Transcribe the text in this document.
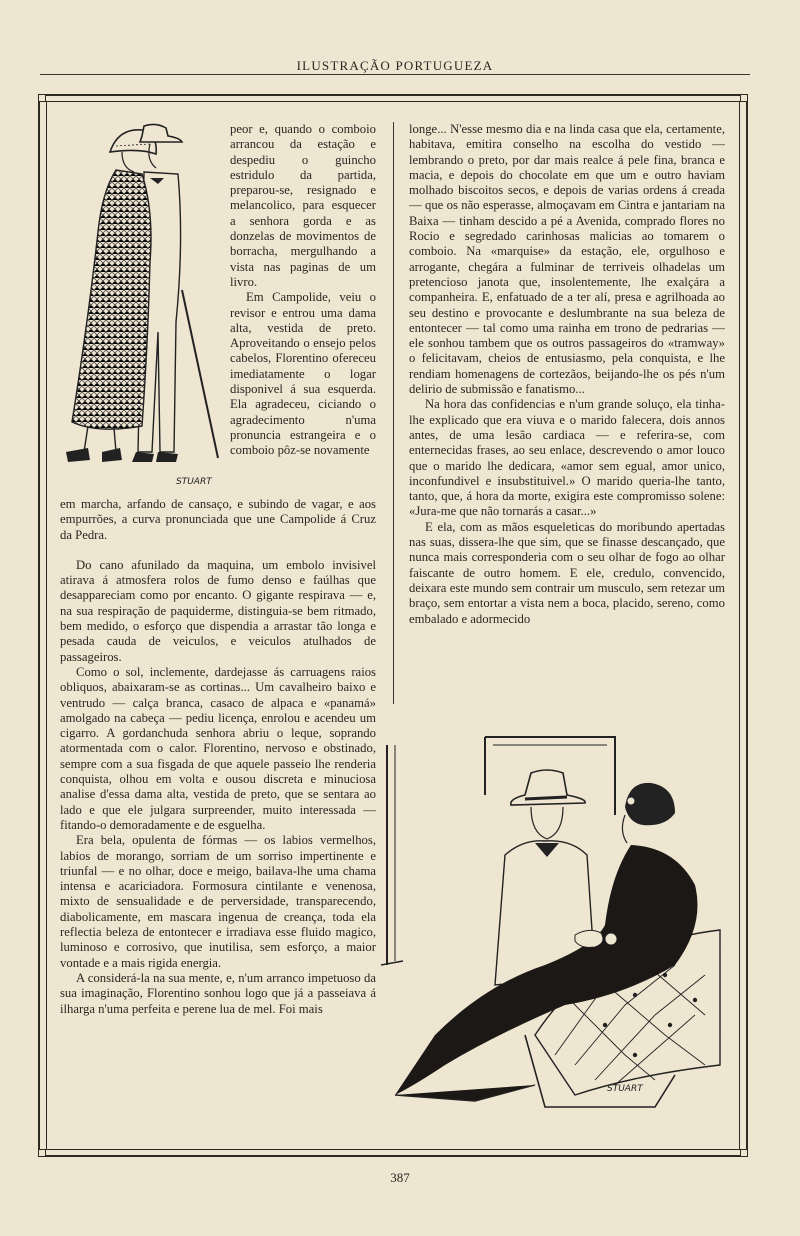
ILUSTRAÇÃO PORTUGUEZA
STUART

peor e, quando o comboio arrancou da estação e despediu o guincho estridulo da partida, preparou-se, resignado e melancolico, para esquecer a senhora gorda e as donzelas de movimentos de borracha, mergulhando a vista nas paginas de um livro.

Em Campolide, veiu o revisor e entrou uma dama alta, vestida de preto. Aproveitando o ensejo pelos cabelos, Florentino ofereceu imediatamente o logar disponivel á sua esquerda. Ela agradeceu, ciciando o agradecimento n'uma pronuncia estrangeira e o comboio pôz-se novamente

em marcha, arfando de cansaço, e subindo de vagar, e aos empurrões, a curva pronunciada que une Campolide á Cruz da Pedra.

Do cano afunilado da maquina, um embolo invisivel atirava á atmosfera rolos de fumo denso e faúlhas que desappareciam como por encanto. O gigante respirava — e, na sua respiração de paquiderme, distinguia-se bem ritmado, bem medido, o esforço que dispendia a arrastar tão longa e pesada cauda de veiculos, e veiculos atulhados de passageiros.

Como o sol, inclemente, dardejasse ás carruagens raios obliquos, abaixaram-se as cortinas... Um cavalheiro baixo e ventrudo — calça branca, casaco de alpaca e «panamá» amolgado na cabeça — pediu licença, enrolou e acendeu um cigarro. A gordanchuda senhora abriu o leque, soprando atormentada com o calor. Florentino, nervoso e obstinado, sempre com a sua fisgada de que aquele passeio lhe renderia conquista, olhou em volta e ousou discreta e minuciosa analise d'essa dama alta, vestida de preto, que se sentara ao lado e que ele julgara surpreender, muito interessada — fitando-o demoradamente e de esguelha.

Era bela, opulenta de fórmas — os labios vermelhos, labios de morango, sorriam de um sorriso impertinente e triunfal — e no olhar, doce e meigo, bailava-lhe uma chama intensa e acariciadora. Formosura cintilante e venenosa, mixto de sensualidade e de perversidade, transparecendo, diabolicamente, em mascara ingenua de creança, toda ela reflectia beleza de entontecer e irradiava esse fluido magico, luminoso e corrosivo, que inutilisa, sem esforço, a maior vontade e a mais rigida energia.

A considerá-la na sua mente, e, n'um arranco impetuoso da sua imaginação, Florentino sonhou logo que já a passeiava á ilharga n'uma perfeita e perene lua de mel. Foi mais

longe... N'esse mesmo dia e na linda casa que ela, certamente, habitava, emitira conselho na escolha do vestido — lembrando o preto, por dar mais realce á pele fina, branca e macia, e depois do chocolate em que um e outro haviam molhado biscoitos secos, e depois de varias ordens á creada — que os não esperasse, almoçavam em Cintra e jantariam na Baixa — tinham descido a pé a Avenida, comprado flores no Rocio e segredado carinhosas malicias ao tomarem o comboio. Na «marquise» da estação, ele, orgulhoso e arrogante, chegára a fulminar de terriveis olhadelas um pretencioso janota que, insolentemente, lhe exalçára a companheira. E, enfatuado de a ter alí, presa e agrilhoada ao seu destino e provocante e deslumbrante na sua beleza de entontecer — tal como uma rainha em trono de pedrarias — ele sonhou tambem que os outros passageiros do «tramway» o felicitavam, cheios de entusiasmo, pela conquista, e lhe rendiam homenagens de cortezãos, beijando-lhe os pés n'um delirio de submissão e fanatismo...

Na hora das confidencias e n'um grande soluço, ela tinha-lhe explicado que era viuva e o marido falecera, dois annos antes, de uma lesão cardiaca — e referira-se, com enternecidas frases, ao seu enlace, descrevendo o amor louco que o marido lhe dedicara, «amor sem egual, amor unico, inconfundivel e insubstituivel.» O marido queria-lhe tanto, tanto, que, á hora da morte, exigira este compromisso solene: «Jura-me que não tornarás a casar...»

E ela, com as mãos esqueleticas do moribundo apertadas nas suas, dissera-lhe que sim, que se finasse descançado, que nunca mais corresponderia com o seu olhar de fogo ao olhar faiscante de outro homem. E ele, credulo, convencido, deixara este mundo sem contrair um musculo, sem retezar um braço, sem entortar a vista nem a boca, placido, sereno, como embalado e adormecido

STUART
387
